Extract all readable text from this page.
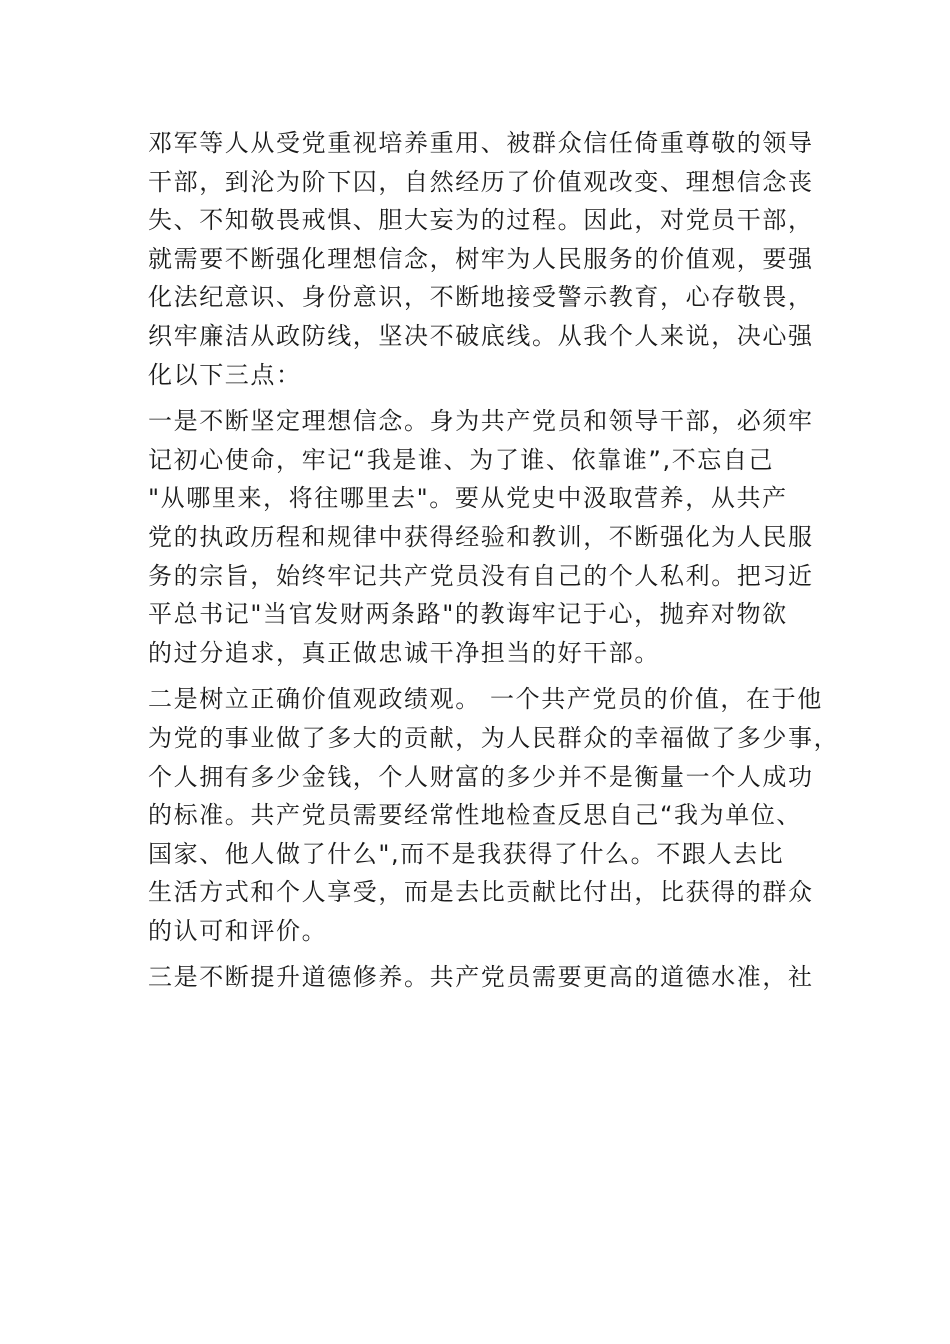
邓军等人从受党重视培养重用、被群众信任倚重尊敬的领导
干部，到沦为阶下囚，自然经历了价值观改变、理想信念丧
失、不知敬畏戒惧、胆大妄为的过程。因此，对党员干部，
就需要不断强化理想信念，树牢为人民服务的价值观，要强
化法纪意识、身份意识，不断地接受警示教育，心存敬畏，
织牢廉洁从政防线，坚决不破底线。从我个人来说，决心强
化以下三点：
一是不断坚定理想信念。身为共产党员和领导干部，必须牢
记初心使命，牢记“我是谁、为了谁、依靠谁”,不忘自己
"从哪里来，将往哪里去"。要从党史中汲取营养，从共产
党的执政历程和规律中获得经验和教训，不断强化为人民服
务的宗旨，始终牢记共产党员没有自己的个人私利。把习近
平总书记"当官发财两条路"的教诲牢记于心，抛弃对物欲
的过分追求，真正做忠诚干净担当的好干部。
二是树立正确价值观政绩观。 一个共产党员的价值，在于他
为党的事业做了多大的贡献，为人民群众的幸福做了多少事，
个人拥有多少金钱，个人财富的多少并不是衡量一个人成功
的标准。共产党员需要经常性地检查反思自己“我为单位、
国家、他人做了什么",而不是我获得了什么。不跟人去比
生活方式和个人享受，而是去比贡献比付出，比获得的群众
的认可和评价。
三是不断提升道德修养。共产党员需要更高的道德水准，社
